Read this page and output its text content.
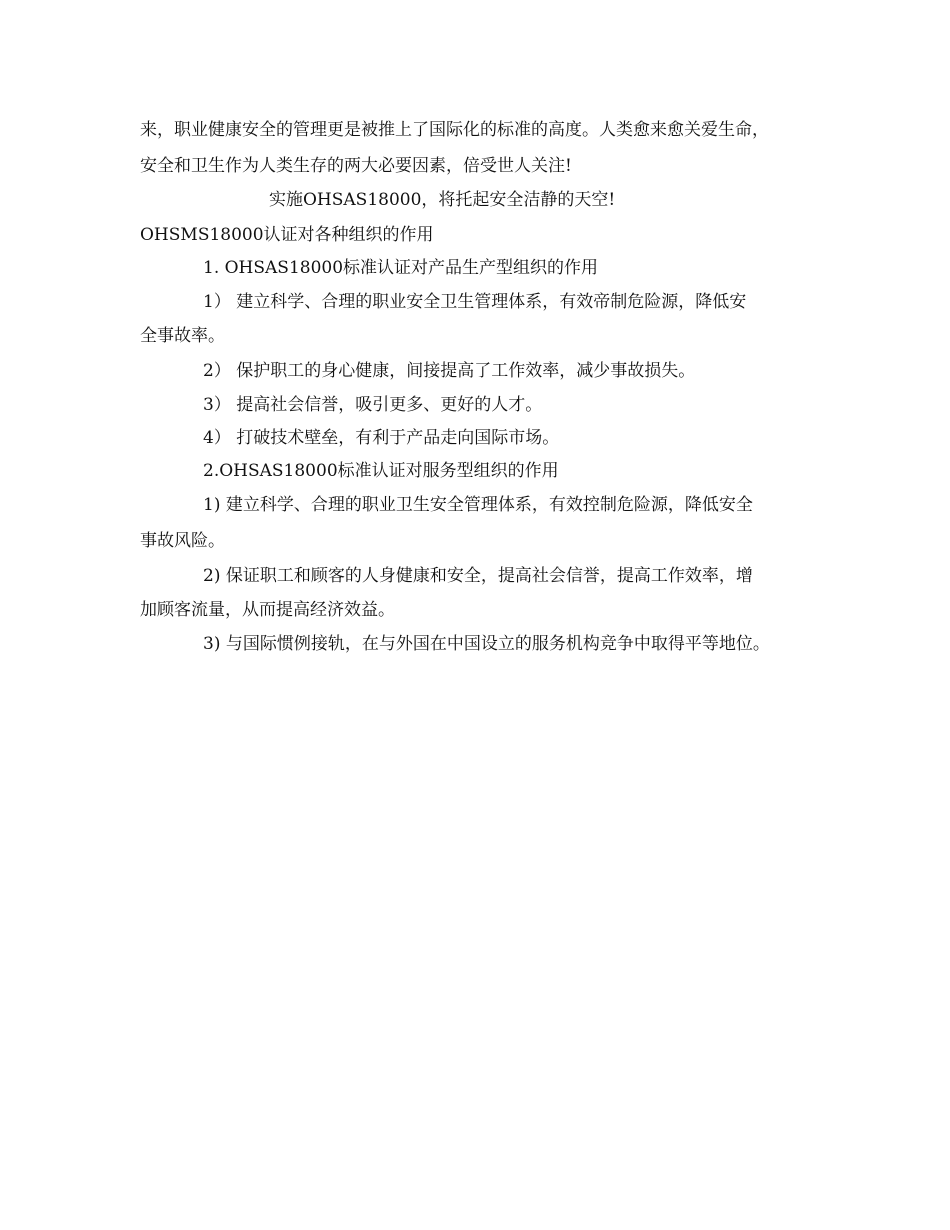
来，职业健康安全的管理更是被推上了国际化的标准的高度。人类愈来愈关爱生命，
安全和卫生作为人类生存的两大必要因素，倍受世人关注!
实施OHSAS18000，将托起安全洁静的天空!
OHSMS18000认证对各种组织的作用
1. OHSAS18000标准认证对产品生产型组织的作用
1） 建立科学、合理的职业安全卫生管理体系，有效帝制危险源，降低安
全事故率。
2） 保护职工的身心健康，间接提高了工作效率，减少事故损失。
3） 提高社会信誉，吸引更多、更好的人才。
4） 打破技术壁垒，有利于产品走向国际市场。
2.OHSAS18000标准认证对服务型组织的作用
1) 建立科学、合理的职业卫生安全管理体系，有效控制危险源，降低安全
事故风险。
2) 保证职工和顾客的人身健康和安全，提高社会信誉，提高工作效率，增
加顾客流量，从而提高经济效益。
3) 与国际惯例接轨，在与外国在中国设立的服务机构竞争中取得平等地位。
